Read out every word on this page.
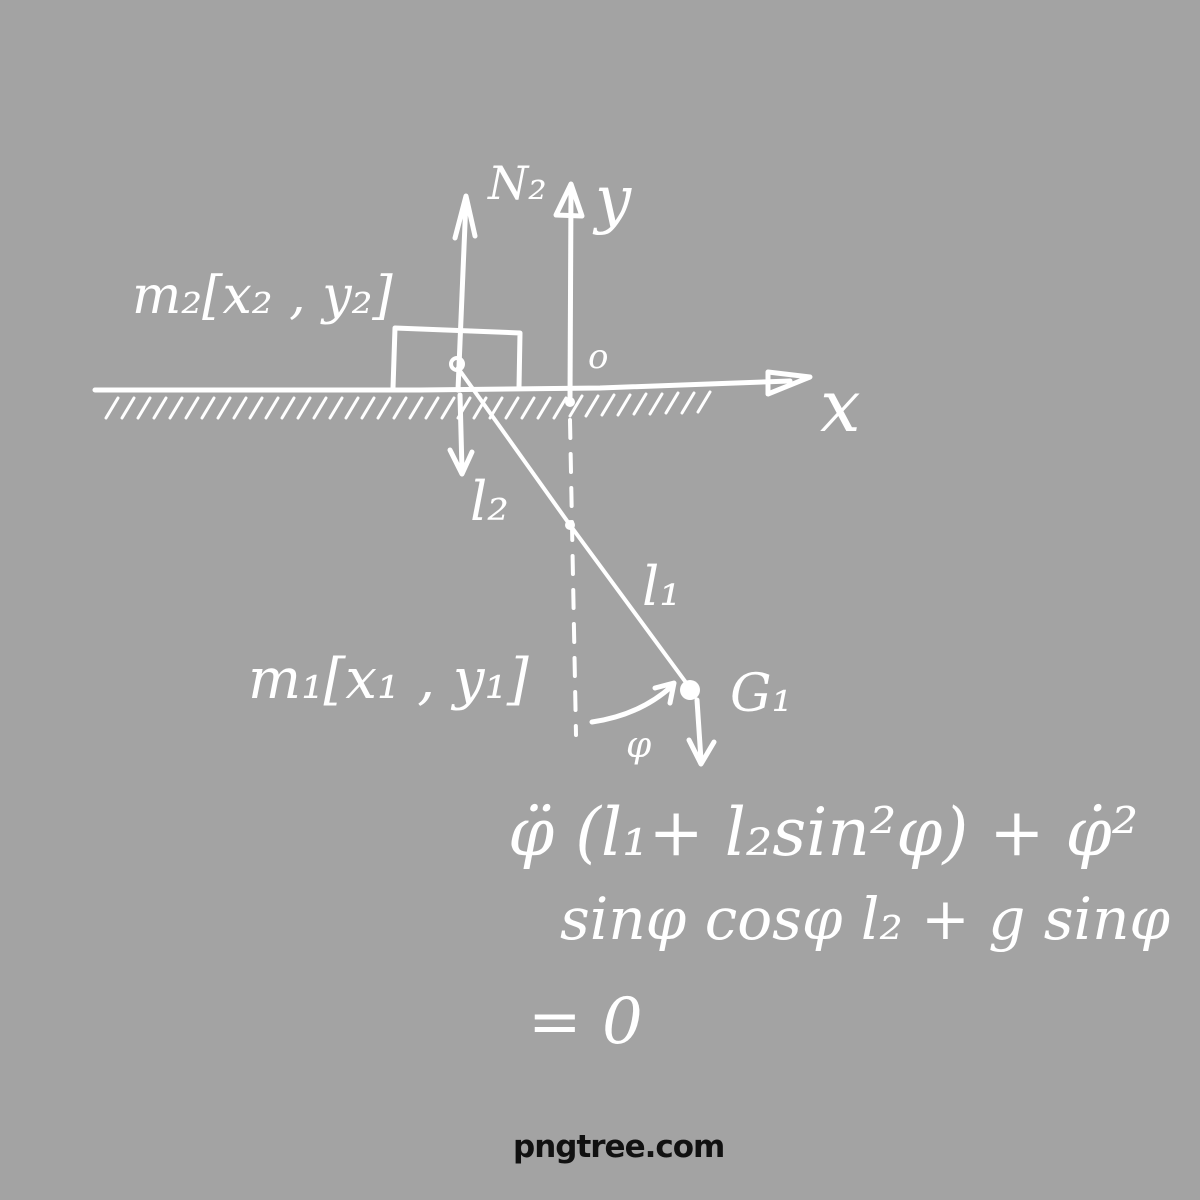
N₂ y
x
o
m₂[x₂ , y₂]
m₁[x₁ , y₁]
l₂
l₁
G₁
φ
φ̈ (l₁+ l₂sin²φ) + φ̇²
sinφ cosφ l₂ + g sinφ
= 0
pngtree.com
